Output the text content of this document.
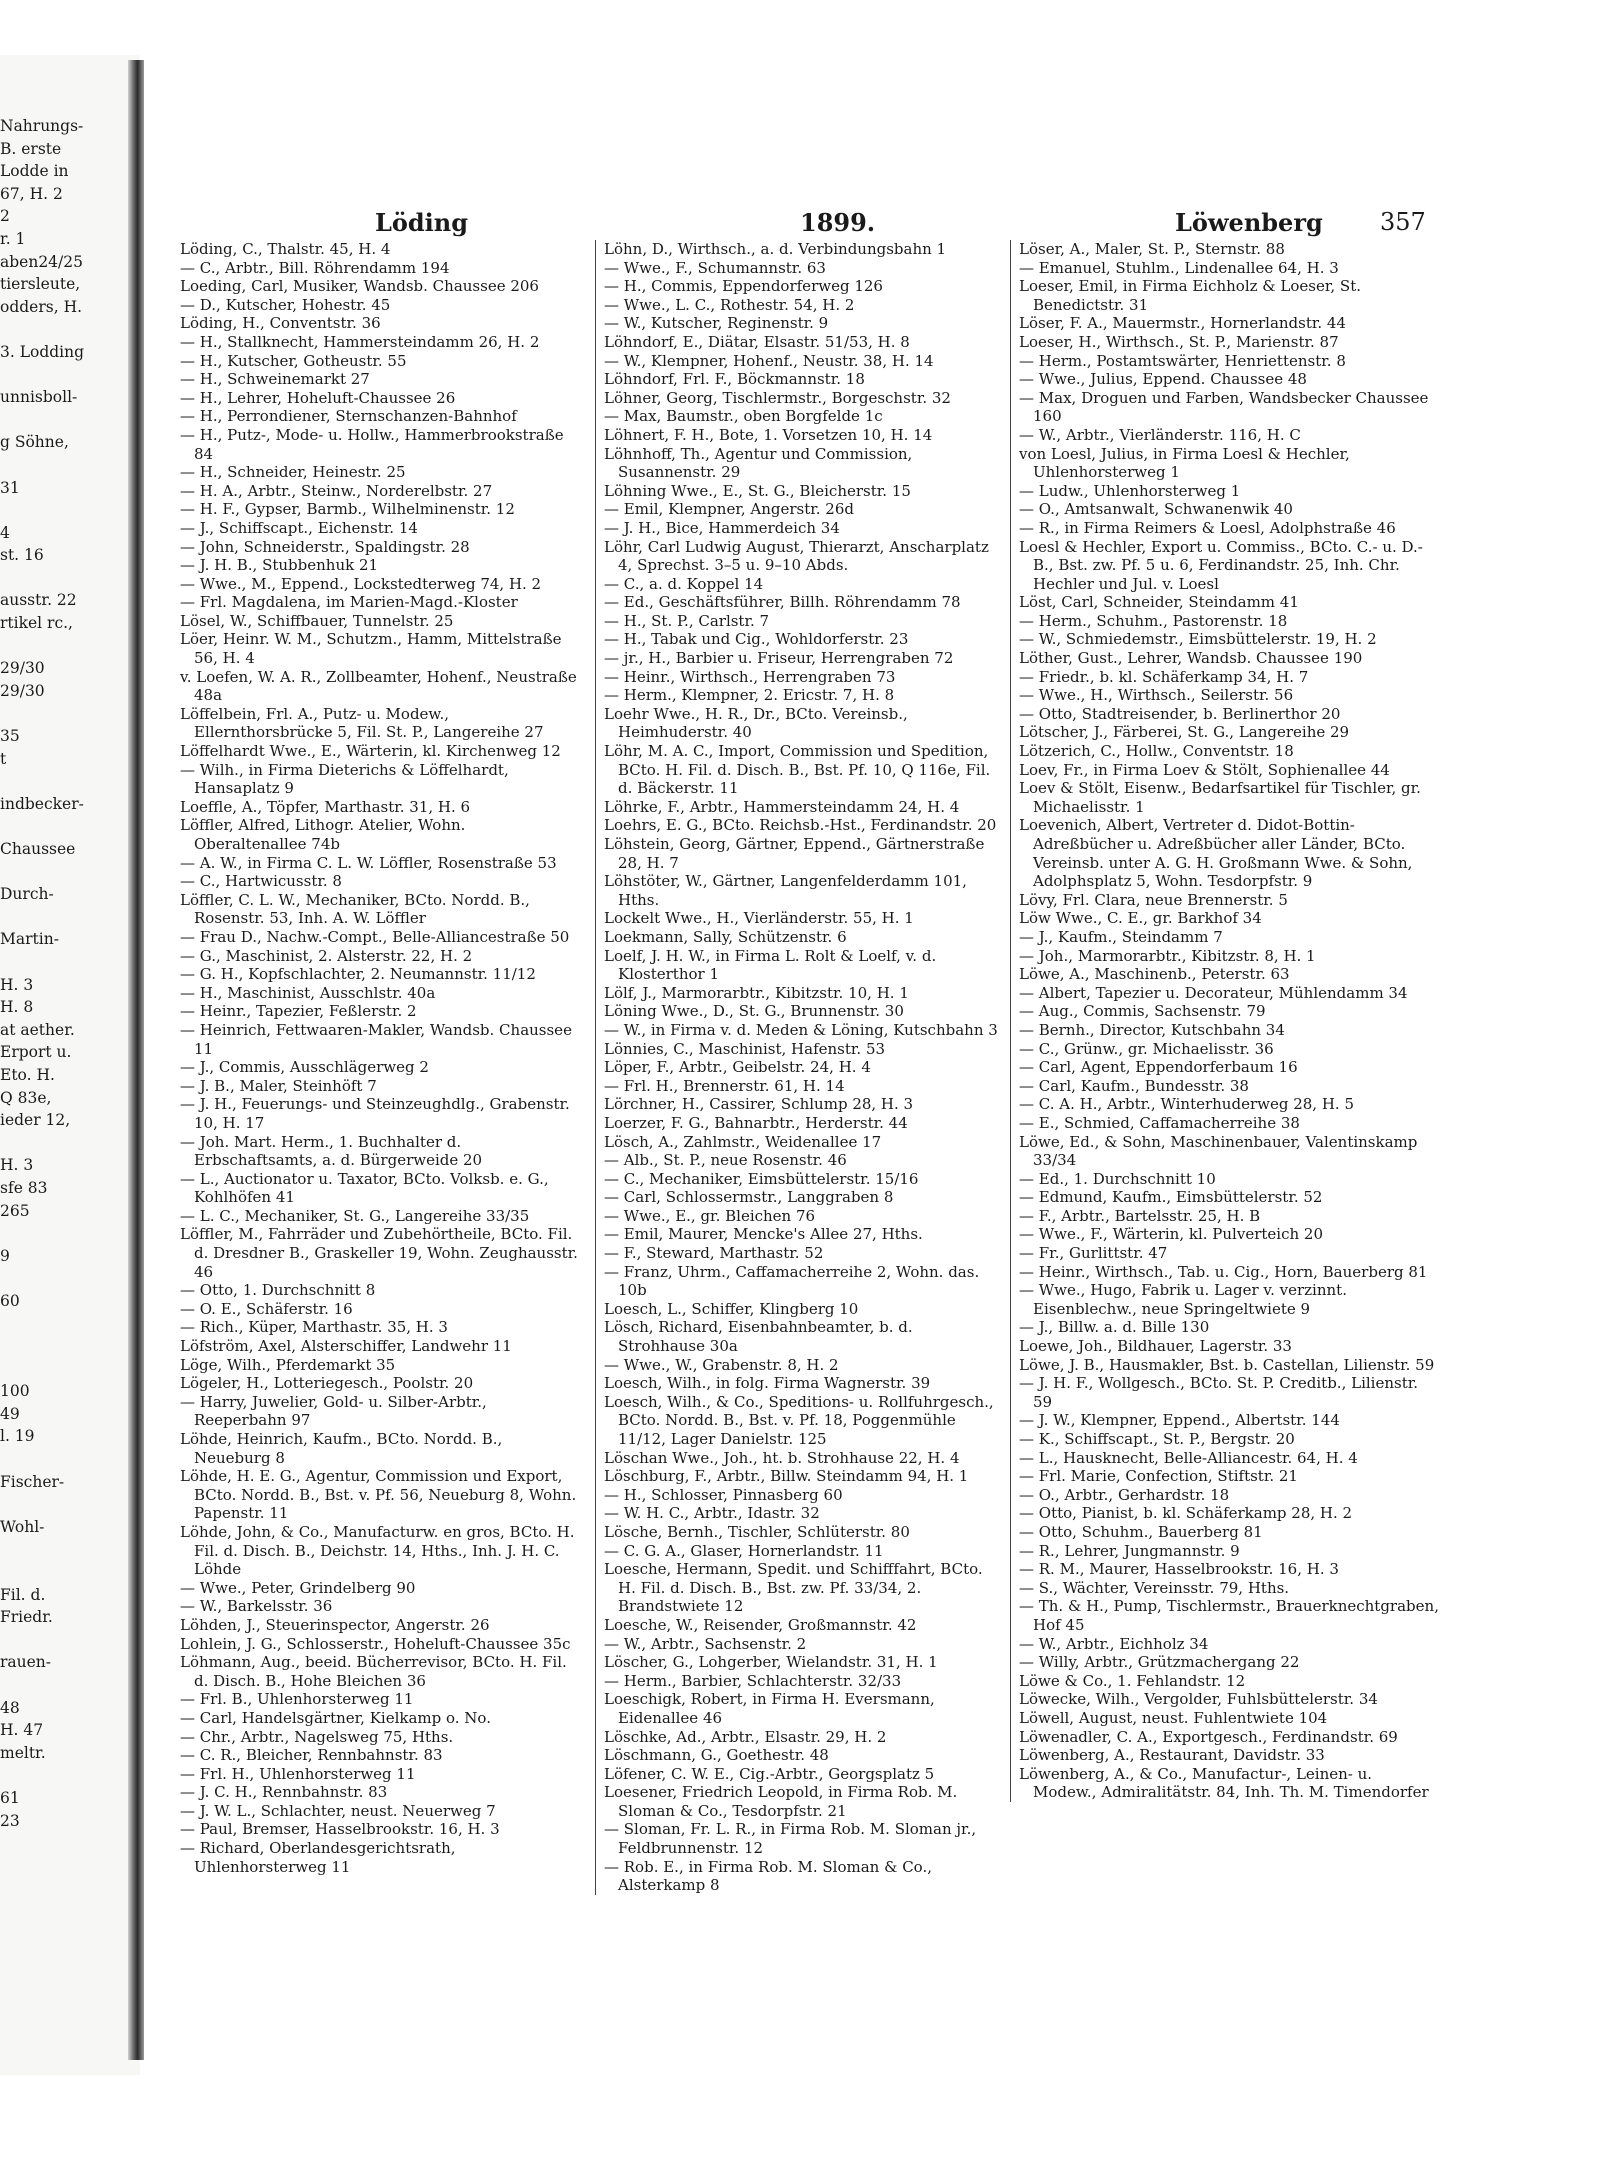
Nahrungs-
B. erste
Lodde in
67, H. 2
2
r. 1
aben24/25
tiersleute,
odders, H.
3. Lodding
unnisboll-
g Söhne,
31
4
st. 16
ausstr. 22
rtikel rc.,
29/30
29/30
35
t
indbecker-
Chaussee
Durch-
Martin-
H. 3
H. 8
at aether.
Erport u.
Eto. H.
Q 83e,
ieder 12,
H. 3
sfe 83
265
9
60
100
49
l. 19
Fischer-
Wohl-
Fil. d.
Friedr.
rauen-
48
H. 47
meltr.
61
23
Löding	1899.	Löwenberg 357
Löding, C., Thalstr. 45, H. 4
— C., Arbtr., Bill. Röhrendamm 194
Loeding, Carl, Musiker, Wandsb. Chaussee 206
— D., Kutscher, Hohestr. 45
Löding, H., Conventstr. 36
— H., Stallknecht, Hammersteindamm 26, H. 2
— H., Kutscher, Gotheustr. 55
— H., Schweinemarkt 27
— H., Lehrer, Hoheluft-Chaussee 26
— H., Perrondiener, Sternschanzen-Bahnhof
— H., Putz-, Mode- u. Hollw., Hammerbrookstraße 84
— H., Schneider, Heinestr. 25
— H. A., Arbtr., Steinw., Norderelbstr. 27
— H. F., Gypser, Barmb., Wilhelminenstr. 12
— J., Schiffscapt., Eichenstr. 14
— John, Schneiderstr., Spaldingstr. 28
— J. H. B., Stubbenhuk 21
— Wwe., M., Eppend., Lockstedterweg 74, H. 2
— Frl. Magdalena, im Marien-Magd.-Kloster
Lösel, W., Schiffbauer, Tunnelstr. 25
Löer, Heinr. W. M., Schutzm., Hamm, Mittelstraße 56, H. 4
v. Loefen, W. A. R., Zollbeamter, Hohenf., Neustraße 48a
Löffelbein, Frl. A., Putz- u. Modew., Ellernthorsbrücke 5, Fil. St. P., Langereihe 27
Löffelhardt Wwe., E., Wärterin, kl. Kirchenweg 12
— Wilh., in Firma Dieterichs & Löffelhardt, Hansaplatz 9
Loeffle, A., Töpfer, Marthastr. 31, H. 6
Löffler, Alfred, Lithogr. Atelier, Wohn. Oberaltenallee 74b
— A. W., in Firma C. L. W. Löffler, Rosenstraße 53
— C., Hartwicusstr. 8
Löffler, C. L. W., Mechaniker, BCto. Nordd. B., Rosenstr. 53, Inh. A. W. Löffler
— Frau D., Nachw.-Compt., Belle-Alliancestraße 50
— G., Maschinist, 2. Alsterstr. 22, H. 2
— G. H., Kopfschlachter, 2. Neumannstr. 11/12
— H., Maschinist, Ausschlstr. 40a
— Heinr., Tapezier, Feßlerstr. 2
— Heinrich, Fettwaaren-Makler, Wandsb. Chaussee 11
— J., Commis, Ausschlägerweg 2
— J. B., Maler, Steinhöft 7
— J. H., Feuerungs- und Steinzeughdlg., Grabenstr. 10, H. 17
— Joh. Mart. Herm., 1. Buchhalter d. Erbschaftsamts, a. d. Bürgerweide 20
— L., Auctionator u. Taxator, BCto. Volksb. e. G., Kohlhöfen 41
— L. C., Mechaniker, St. G., Langereihe 33/35
Löffler, M., Fahrräder und Zubehörtheile, BCto. Fil. d. Dresdner B., Graskeller 19, Wohn. Zeughausstr. 46
— Otto, 1. Durchschnitt 8
— O. E., Schäferstr. 16
— Rich., Küper, Marthastr. 35, H. 3
Löfström, Axel, Alsterschiffer, Landwehr 11
Löge, Wilh., Pferdemarkt 35
Lögeler, H., Lotteriegesch., Poolstr. 20
— Harry, Juwelier, Gold- u. Silber-Arbtr., Reeperbahn 97
Löhde, Heinrich, Kaufm., BCto. Nordd. B., Neueburg 8
Löhde, H. E. G., Agentur, Commission und Export, BCto. Nordd. B., Bst. v. Pf. 56, Neueburg 8, Wohn. Papenstr. 11
Löhde, John, & Co., Manufacturw. en gros, BCto. H. Fil. d. Disch. B., Deichstr. 14, Hths., Inh. J. H. C. Löhde
— Wwe., Peter, Grindelberg 90
— W., Barkelsstr. 36
Löhden, J., Steuerinspector, Angerstr. 26
Lohlein, J. G., Schlosserstr., Hoheluft-Chaussee 35c
Löhmann, Aug., beeid. Bücherrevisor, BCto. H. Fil. d. Disch. B., Hohe Bleichen 36
— Frl. B., Uhlenhorsterweg 11
— Carl, Handelsgärtner, Kielkamp o. No.
— Chr., Arbtr., Nagelsweg 75, Hths.
— C. R., Bleicher, Rennbahnstr. 83
— Frl. H., Uhlenhorsterweg 11
— J. C. H., Rennbahnstr. 83
— J. W. L., Schlachter, neust. Neuerweg 7
— Paul, Bremser, Hasselbrookstr. 16, H. 3
— Richard, Oberlandesgerichtsrath, Uhlenhorsterweg 11
Löhn, D., Wirthsch., a. d. Verbindungsbahn 1
— Wwe., F., Schumannstr. 63
— H., Commis, Eppendorferweg 126
— Wwe., L. C., Rothestr. 54, H. 2
— W., Kutscher, Reginenstr. 9
Löhndorf, E., Diätar, Elsastr. 51/53, H. 8
— W., Klempner, Hohenf., Neustr. 38, H. 14
Löhndorf, Frl. F., Böckmannstr. 18
Löhner, Georg, Tischlermstr., Borgeschstr. 32
— Max, Baumstr., oben Borgfelde 1c
Löhnert, F. H., Bote, 1. Vorsetzen 10, H. 14
Löhnhoff, Th., Agentur und Commission, Susannenstr. 29
Löhning Wwe., E., St. G., Bleicherstr. 15
— Emil, Klempner, Angerstr. 26d
— J. H., Bice, Hammerdeich 34
Löhr, Carl Ludwig August, Thierarzt, Anscharplatz 4, Sprechst. 3–5 u. 9–10 Abds.
— C., a. d. Koppel 14
— Ed., Geschäftsführer, Billh. Röhrendamm 78
— H., St. P., Carlstr. 7
— H., Tabak und Cig., Wohldorferstr. 23
— jr., H., Barbier u. Friseur, Herrengraben 72
— Heinr., Wirthsch., Herrengraben 73
— Herm., Klempner, 2. Ericstr. 7, H. 8
Loehr Wwe., H. R., Dr., BCto. Vereinsb., Heimhuderstr. 40
Löhr, M. A. C., Import, Commission und Spedition, BCto. H. Fil. d. Disch. B., Bst. Pf. 10, Q 116e, Fil. d. Bäckerstr. 11
Löhrke, F., Arbtr., Hammersteindamm 24, H. 4
Loehrs, E. G., BCto. Reichsb.-Hst., Ferdinandstr. 20
Löhstein, Georg, Gärtner, Eppend., Gärtnerstraße 28, H. 7
Löhstöter, W., Gärtner, Langenfelderdamm 101, Hths.
Lockelt Wwe., H., Vierländerstr. 55, H. 1
Loekmann, Sally, Schützenstr. 6
Loelf, J. H. W., in Firma L. Rolt & Loelf, v. d. Klosterthor 1
Lölf, J., Marmorarbtr., Kibitzstr. 10, H. 1
Löning Wwe., D., St. G., Brunnenstr. 30
— W., in Firma v. d. Meden & Löning, Kutschbahn 3
Lönnies, C., Maschinist, Hafenstr. 53
Löper, F., Arbtr., Geibelstr. 24, H. 4
— Frl. H., Brennerstr. 61, H. 14
Lörchner, H., Cassirer, Schlump 28, H. 3
Loerzer, F. G., Bahnarbtr., Herderstr. 44
Lösch, A., Zahlmstr., Weidenallee 17
— Alb., St. P., neue Rosenstr. 46
— C., Mechaniker, Eimsbüttelerstr. 15/16
— Carl, Schlossermstr., Langgraben 8
— Wwe., E., gr. Bleichen 76
— Emil, Maurer, Mencke's Allee 27, Hths.
— F., Steward, Marthastr. 52
— Franz, Uhrm., Caffamacherreihe 2, Wohn. das. 10b
Loesch, L., Schiffer, Klingberg 10
Lösch, Richard, Eisenbahnbeamter, b. d. Strohhause 30a
— Wwe., W., Grabenstr. 8, H. 2
Loesch, Wilh., in folg. Firma Wagnerstr. 39
Loesch, Wilh., & Co., Speditions- u. Rollfuhrgesch., BCto. Nordd. B., Bst. v. Pf. 18, Poggenmühle 11/12, Lager Danielstr. 125
Löschan Wwe., Joh., ht. b. Strohhause 22, H. 4
Löschburg, F., Arbtr., Billw. Steindamm 94, H. 1
— H., Schlosser, Pinnasberg 60
— W. H. C., Arbtr., Idastr. 32
Lösche, Bernh., Tischler, Schlüterstr. 80
— C. G. A., Glaser, Hornerlandstr. 11
Loesche, Hermann, Spedit. und Schifffahrt, BCto. H. Fil. d. Disch. B., Bst. zw. Pf. 33/34, 2. Brandstwiete 12
Loesche, W., Reisender, Großmannstr. 42
— W., Arbtr., Sachsenstr. 2
Löscher, G., Lohgerber, Wielandstr. 31, H. 1
— Herm., Barbier, Schlachterstr. 32/33
Loeschigk, Robert, in Firma H. Eversmann, Eidenallee 46
Löschke, Ad., Arbtr., Elsastr. 29, H. 2
Löschmann, G., Goethestr. 48
Löfener, C. W. E., Cig.-Arbtr., Georgsplatz 5
Loesener, Friedrich Leopold, in Firma Rob. M. Sloman & Co., Tesdorpfstr. 21
— Sloman, Fr. L. R., in Firma Rob. M. Sloman jr., Feldbrunnenstr. 12
— Rob. E., in Firma Rob. M. Sloman & Co., Alsterkamp 8
Löser, A., Maler, St. P., Sternstr. 88
— Emanuel, Stuhlm., Lindenallee 64, H. 3
Loeser, Emil, in Firma Eichholz & Loeser, St. Benedictstr. 31
Löser, F. A., Mauermstr., Hornerlandstr. 44
Loeser, H., Wirthsch., St. P., Marienstr. 87
— Herm., Postamtswärter, Henriettenstr. 8
— Wwe., Julius, Eppend. Chaussee 48
— Max, Droguen und Farben, Wandsbecker Chaussee 160
— W., Arbtr., Vierländerstr. 116, H. C
von Loesl, Julius, in Firma Loesl & Hechler, Uhlenhorsterweg 1
— Ludw., Uhlenhorsterweg 1
— O., Amtsanwalt, Schwanenwik 40
— R., in Firma Reimers & Loesl, Adolphstraße 46
Loesl & Hechler, Export u. Commiss., BCto. C.- u. D.-B., Bst. zw. Pf. 5 u. 6, Ferdinandstr. 25, Inh. Chr. Hechler und Jul. v. Loesl
Löst, Carl, Schneider, Steindamm 41
— Herm., Schuhm., Pastorenstr. 18
— W., Schmiedemstr., Eimsbüttelerstr. 19, H. 2
Löther, Gust., Lehrer, Wandsb. Chaussee 190
— Friedr., b. kl. Schäferkamp 34, H. 7
— Wwe., H., Wirthsch., Seilerstr. 56
— Otto, Stadtreisender, b. Berlinerthor 20
Lötscher, J., Färberei, St. G., Langereihe 29
Lötzerich, C., Hollw., Conventstr. 18
Loev, Fr., in Firma Loev & Stölt, Sophienallee 44
Loev & Stölt, Eisenw., Bedarfsartikel für Tischler, gr. Michaelisstr. 1
Loevenich, Albert, Vertreter d. Didot-Bottin-Adreßbücher u. Adreßbücher aller Länder, BCto. Vereinsb. unter A. G. H. Großmann Wwe. & Sohn, Adolphsplatz 5, Wohn. Tesdorpfstr. 9
Lövy, Frl. Clara, neue Brennerstr. 5
Löw Wwe., C. E., gr. Barkhof 34
— J., Kaufm., Steindamm 7
— Joh., Marmorarbtr., Kibitzstr. 8, H. 1
Löwe, A., Maschinenb., Peterstr. 63
— Albert, Tapezier u. Decorateur, Mühlendamm 34
— Aug., Commis, Sachsenstr. 79
— Bernh., Director, Kutschbahn 34
— C., Grünw., gr. Michaelisstr. 36
— Carl, Agent, Eppendorferbaum 16
— Carl, Kaufm., Bundesstr. 38
— C. A. H., Arbtr., Winterhuderweg 28, H. 5
— E., Schmied, Caffamacherreihe 38
Löwe, Ed., & Sohn, Maschinenbauer, Valentinskamp 33/34
— Ed., 1. Durchschnitt 10
— Edmund, Kaufm., Eimsbüttelerstr. 52
— F., Arbtr., Bartelsstr. 25, H. B
— Wwe., F., Wärterin, kl. Pulverteich 20
— Fr., Gurlittstr. 47
— Heinr., Wirthsch., Tab. u. Cig., Horn, Bauerberg 81
— Wwe., Hugo, Fabrik u. Lager v. verzinnt. Eisenblechw., neue Springeltwiete 9
— J., Billw. a. d. Bille 130
Loewe, Joh., Bildhauer, Lagerstr. 33
Löwe, J. B., Hausmakler, Bst. b. Castellan, Lilienstr. 59
— J. H. F., Wollgesch., BCto. St. P. Creditb., Lilienstr. 59
— J. W., Klempner, Eppend., Albertstr. 144
— K., Schiffscapt., St. P., Bergstr. 20
— L., Hausknecht, Belle-Alliancestr. 64, H. 4
— Frl. Marie, Confection, Stiftstr. 21
— O., Arbtr., Gerhardstr. 18
— Otto, Pianist, b. kl. Schäferkamp 28, H. 2
— Otto, Schuhm., Bauerberg 81
— R., Lehrer, Jungmannstr. 9
— R. M., Maurer, Hasselbrookstr. 16, H. 3
— S., Wächter, Vereinsstr. 79, Hths.
— Th. & H., Pump, Tischlermstr., Brauerknechtgraben, Hof 45
— W., Arbtr., Eichholz 34
— Willy, Arbtr., Grützmachergang 22
Löwe & Co., 1. Fehlandstr. 12
Löwecke, Wilh., Vergolder, Fuhlsbüttelerstr. 34
Löwell, August, neust. Fuhlentwiete 104
Löwenadler, C. A., Exportgesch., Ferdinandstr. 69
Löwenberg, A., Restaurant, Davidstr. 33
Löwenberg, A., & Co., Manufactur-, Leinen- u. Modew., Admiralitätstr. 84, Inh. Th. M. Timendorfer
